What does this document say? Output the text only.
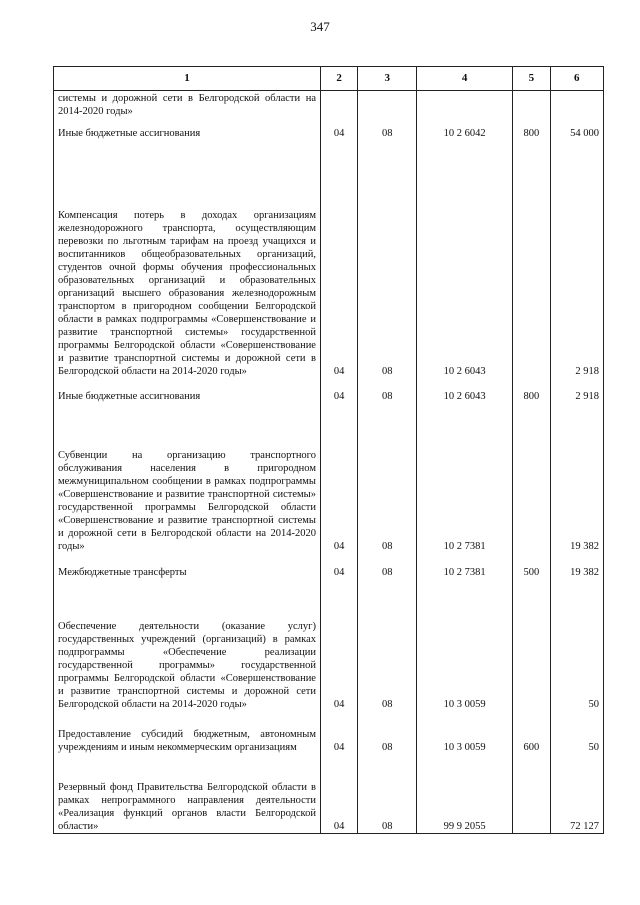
347
1	2	3	4	5	6
системы и дорожной сети в Белгородской области на 2014-2020 годы»					

Иные бюджетные ассигнования	04	08	10 2 6042	800	54 000

Компенсация потерь в доходах организациям железнодорожного транспорта, осуществляющим перевозки по льготным тарифам на проезд учащихся и воспитанников общеобразовательных организаций, студентов очной формы обучения профессиональных образовательных организаций и образовательных организаций высшего образования железнодорожным транспортом в пригородном сообщении Белгородской области в рамках подпрограммы «Совершенствование и развитие транспортной системы» государственной программы Белгородской области «Совершенствование и развитие транспортной системы и дорожной сети в Белгородской области на 2014-2020 годы»	04	08	10 2 6043		2 918

Иные бюджетные ассигнования	04	08	10 2 6043	800	2 918

Субвенции на организацию транспортного обслуживания населения в пригородном межмуниципальном сообщении в рамках подпрограммы «Совершенствование и развитие транспортной системы» государственной программы Белгородской области «Совершенствование и развитие транспортной системы и дорожной сети в Белгородской области на 2014-2020 годы»	04	08	10 2 7381		19 382

Межбюджетные трансферты	04	08	10 2 7381	500	19 382

Обеспечение деятельности (оказание услуг) государственных учреждений (организаций) в рамках подпрограммы «Обеспечение реализации государственной программы» государственной программы Белгородской области «Совершенствование и развитие транспортной системы и дорожной сети Белгородской области на 2014-2020 годы»	04	08	10 3 0059		50

Предоставление субсидий бюджетным, автономным учреждениям и иным некоммерческим организациям	04	08	10 3 0059	600	50

Резервный фонд Правительства Белгородской области в рамках непрограммного направления деятельности «Реализация функций органов власти Белгородской области»	04	08	99 9 2055		72 127
